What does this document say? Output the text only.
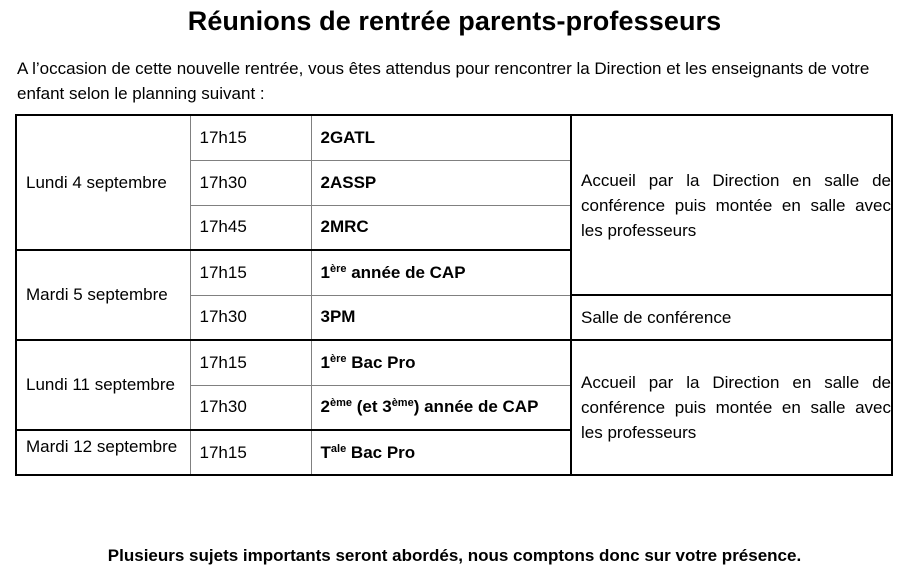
Réunions de rentrée parents-professeurs
A l’occasion de cette nouvelle rentrée, vous êtes attendus pour rencontrer la Direction et les enseignants de votre enfant selon le planning suivant :
Lundi 4 septembre	17h15	2GATL	Accueil par la Direction en salle de conférence puis montée en salle avec les professeurs
	17h30	2ASSP	
	17h45	2MRC	
Mardi 5 septembre	17h15	1ère année de CAP	
	17h30	3PM	Salle de conférence
Lundi 11 septembre	17h15	1ère Bac Pro	Accueil par la Direction en salle de conférence puis montée en salle avec les professeurs
	17h30	2ème (et 3ème) année de CAP	
Mardi 12 septembre	17h15	$T^{ale}$ Bac Pro	
Plusieurs sujets importants seront abordés, nous comptons donc sur votre présence.
